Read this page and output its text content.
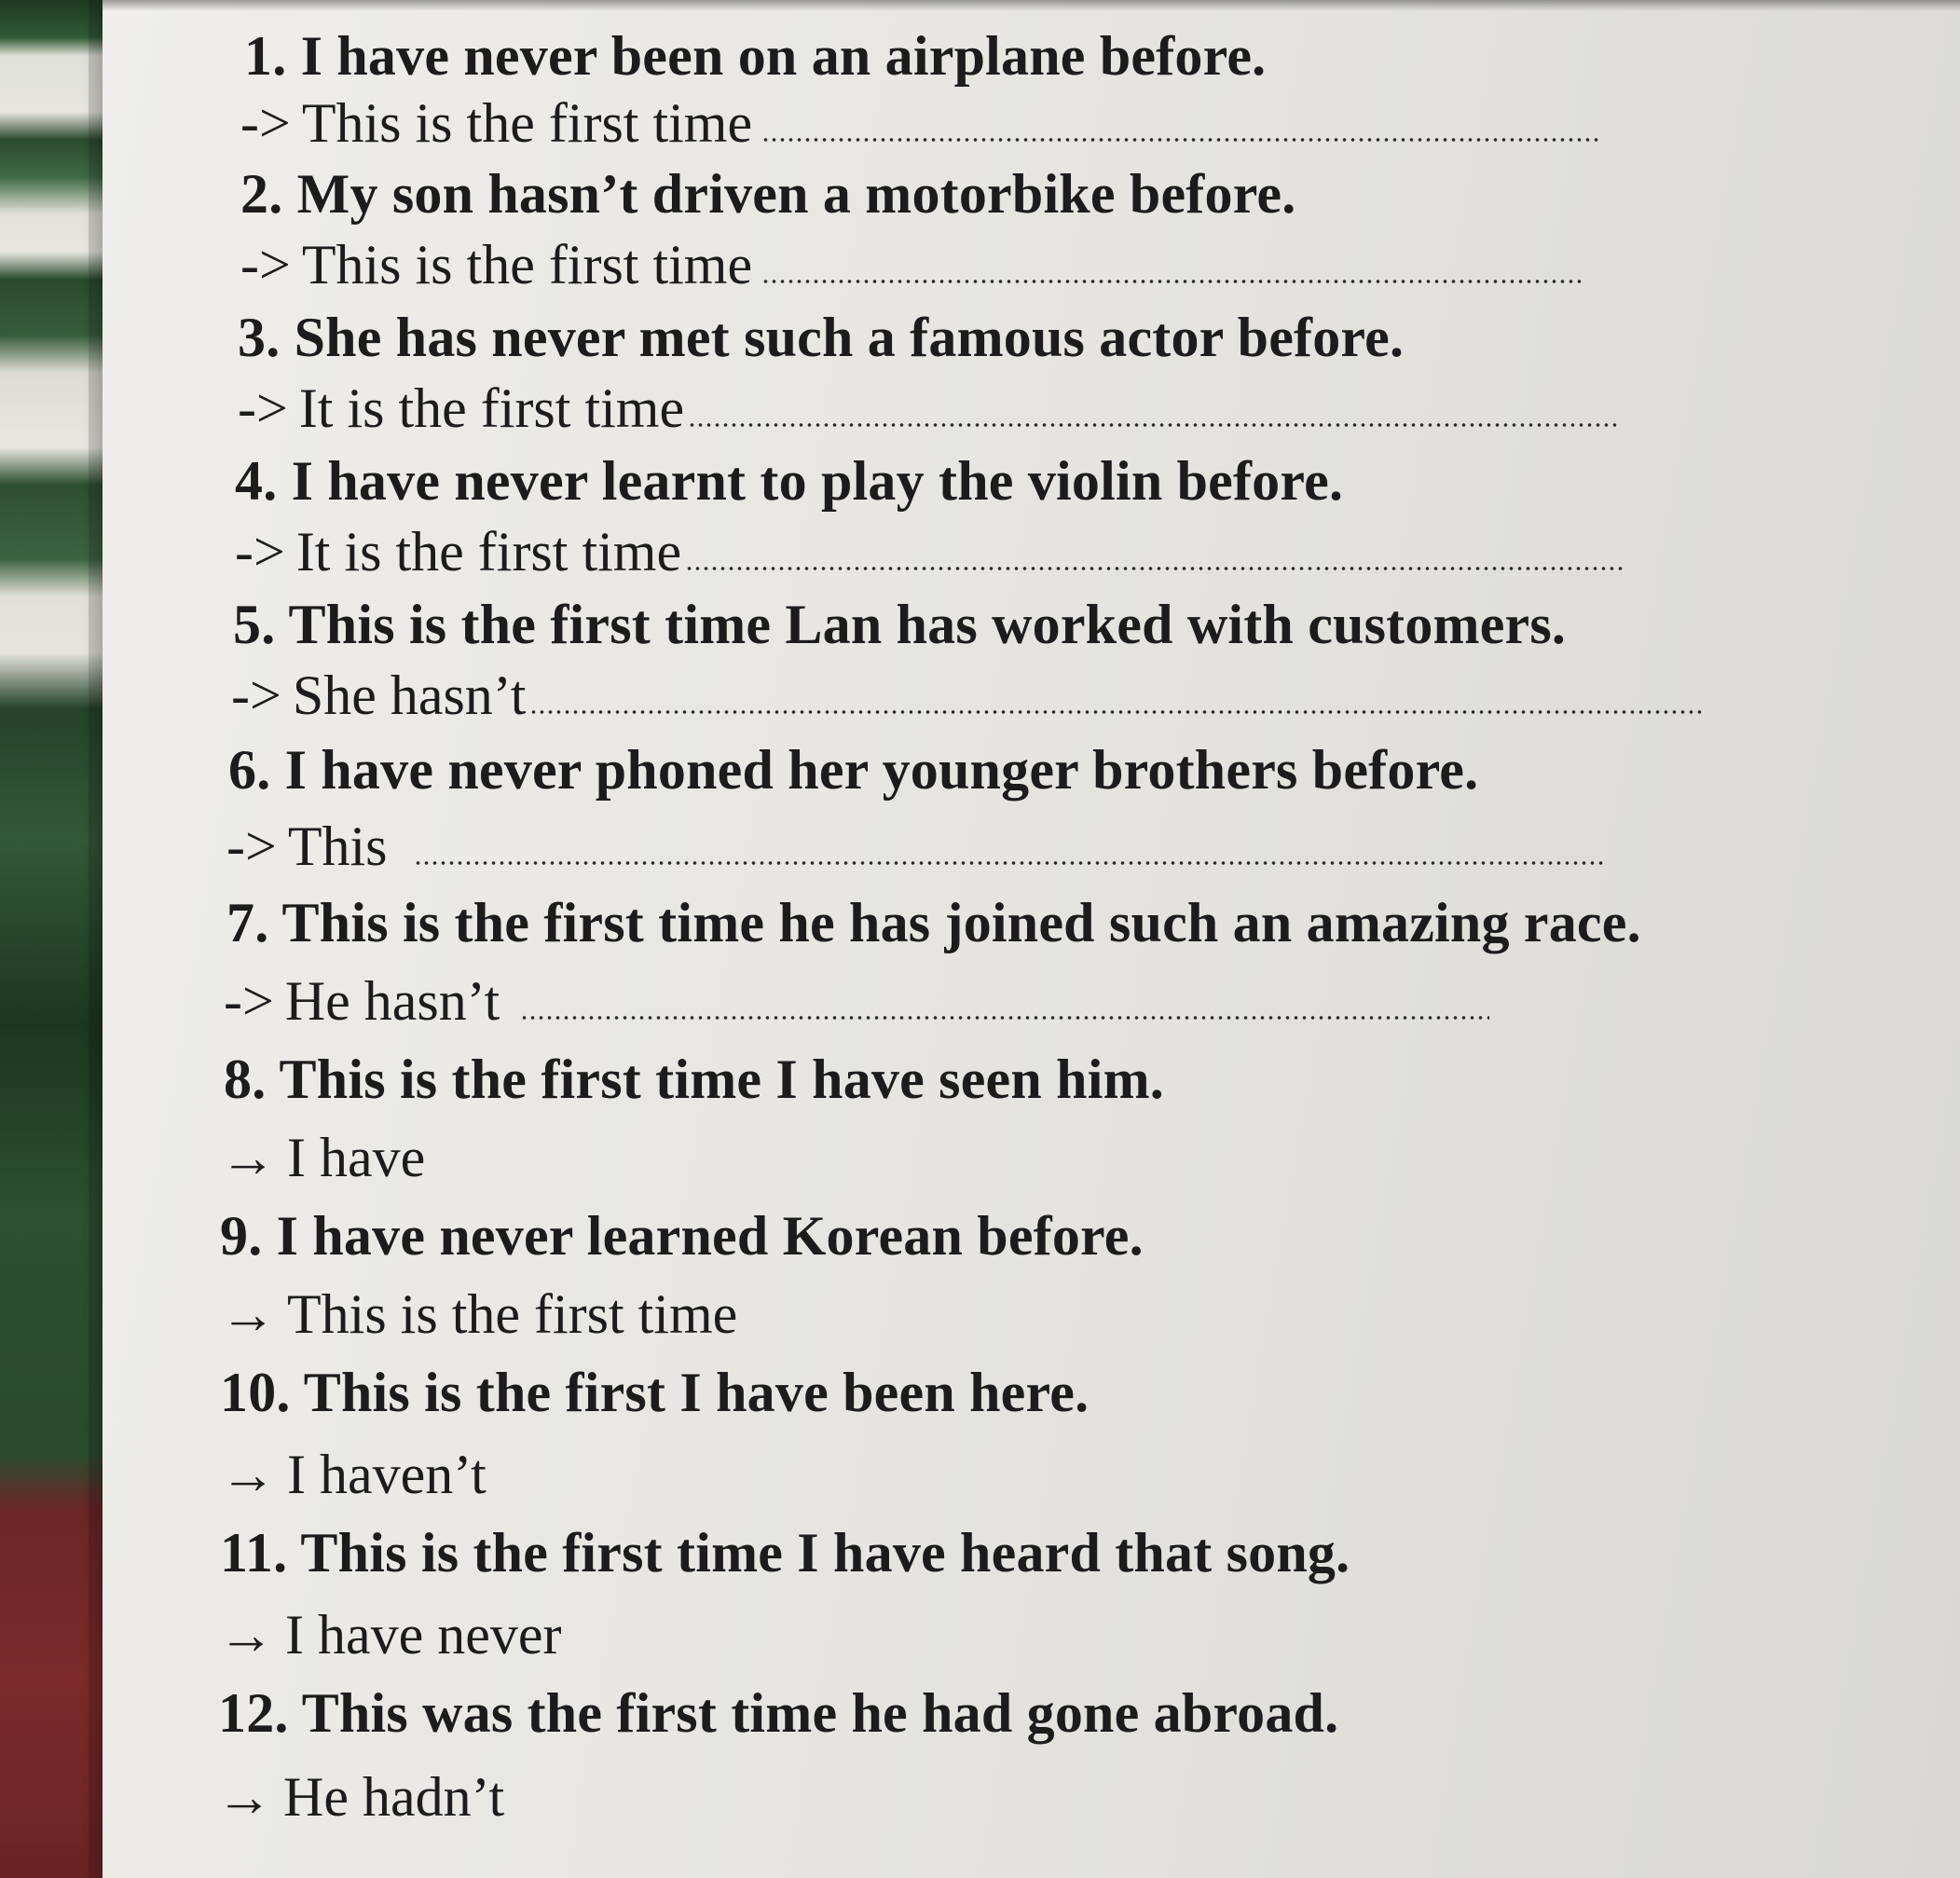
1. I have never been on an airplane before.
-> This is the first time
2. My son hasn’t driven a motorbike before.
-> This is the first time
3. She has never met such a famous actor before.
-> It is the first time
4. I have never learnt to play the violin before.
-> It is the first time
5. This is the first time Lan has worked with customers.
-> She hasn’t
6. I have never phoned her younger brothers before.
-> This
7. This is the first time he has joined such an amazing race.
-> He hasn’t
8. This is the first time I have seen him.
→ I have
9. I have never learned Korean before.
→ This is the first time
10. This is the first I have been here.
→ I haven’t
11. This is the first time I have heard that song.
→ I have never
12. This was the first time he had gone abroad.
→ He hadn’t
